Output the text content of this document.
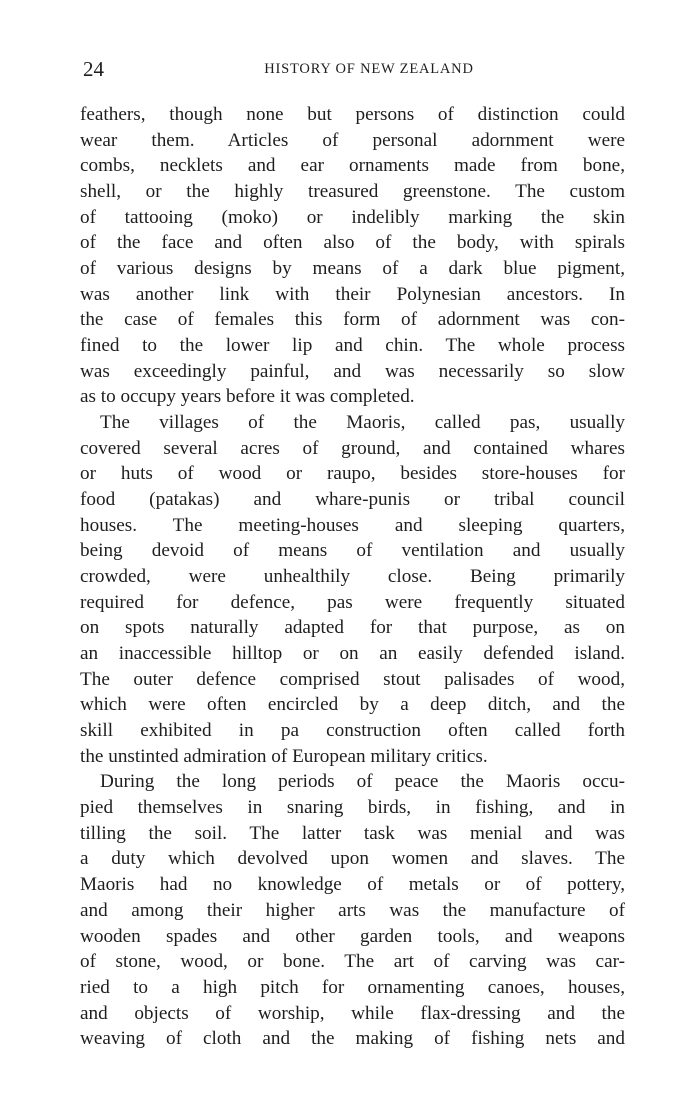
24	HISTORY OF NEW ZEALAND
feathers, though none but persons of distinction could
wear them. Articles of personal adornment were
combs, necklets and ear ornaments made from bone,
shell, or the highly treasured greenstone. The custom
of tattooing (moko) or indelibly marking the skin
of the face and often also of the body, with spirals
of various designs by means of a dark blue pigment,
was another link with their Polynesian ancestors. In
the case of females this form of adornment was con-
fined to the lower lip and chin. The whole process
was exceedingly painful, and was necessarily so slow
as to occupy years before it was completed.
The villages of the Maoris, called pas, usually
covered several acres of ground, and contained whares
or huts of wood or raupo, besides store-houses for
food (patakas) and whare-punis or tribal council
houses. The meeting-houses and sleeping quarters,
being devoid of means of ventilation and usually
crowded, were unhealthily close. Being primarily
required for defence, pas were frequently situated
on spots naturally adapted for that purpose, as on
an inaccessible hilltop or on an easily defended island.
The outer defence comprised stout palisades of wood,
which were often encircled by a deep ditch, and the
skill exhibited in pa construction often called forth
the unstinted admiration of European military critics.
During the long periods of peace the Maoris occu-
pied themselves in snaring birds, in fishing, and in
tilling the soil. The latter task was menial and was
a duty which devolved upon women and slaves. The
Maoris had no knowledge of metals or of pottery,
and among their higher arts was the manufacture of
wooden spades and other garden tools, and weapons
of stone, wood, or bone. The art of carving was car-
ried to a high pitch for ornamenting canoes, houses,
and objects of worship, while flax-dressing and the
weaving of cloth and the making of fishing nets and
